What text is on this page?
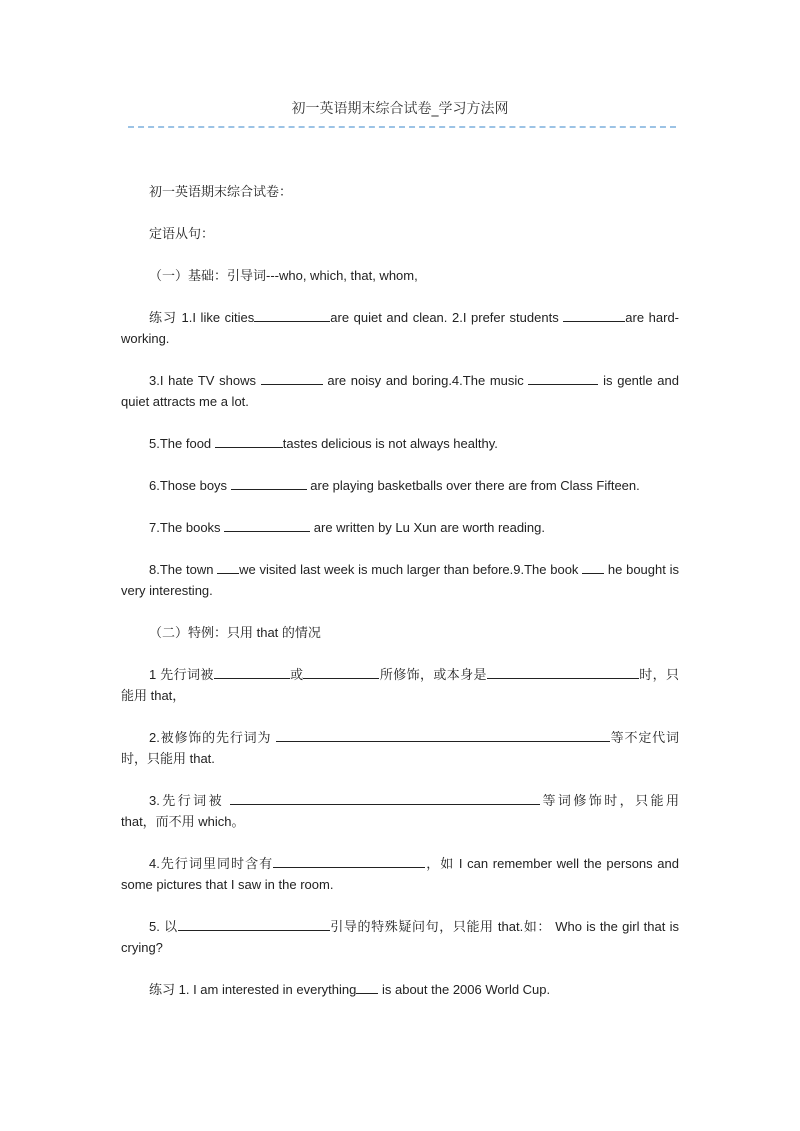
初一英语期末综合试卷_学习方法网
初一英语期末综合试卷：
定语从句：
（一）基础：引导词---who, which, that, whom,
练习 1.I like cities	are quiet and clean. 2.I prefer students	are hard-working.
3.I hate TV shows	are noisy and boring.4.The music	is gentle and quiet attracts me a lot.
5.The food	tastes delicious is not always healthy.
6.Those boys	are playing basketballs over there are from Class Fifteen.
7.The books	are written by Lu Xun are worth reading.
8.The town we visited last week is much larger than before.9.The book  he bought is very interesting.
（二）特例：只用 that 的情况
1 先行词被	或	所修饰，或本身是	时，只能用 that，
2.被修饰的先行词为	等不定代词时，只能用 that.
3.先行词被	等词修饰时，只能用 that，而不用 which。
4.先行词里同时含有	，如 I can remember well the persons and some pictures that I saw in the room.
5. 以	引导的特殊疑问句，只能用 that.如： Who is the girl that is crying?
练习 1. I am interested in everything is about the 2006 World Cup.
